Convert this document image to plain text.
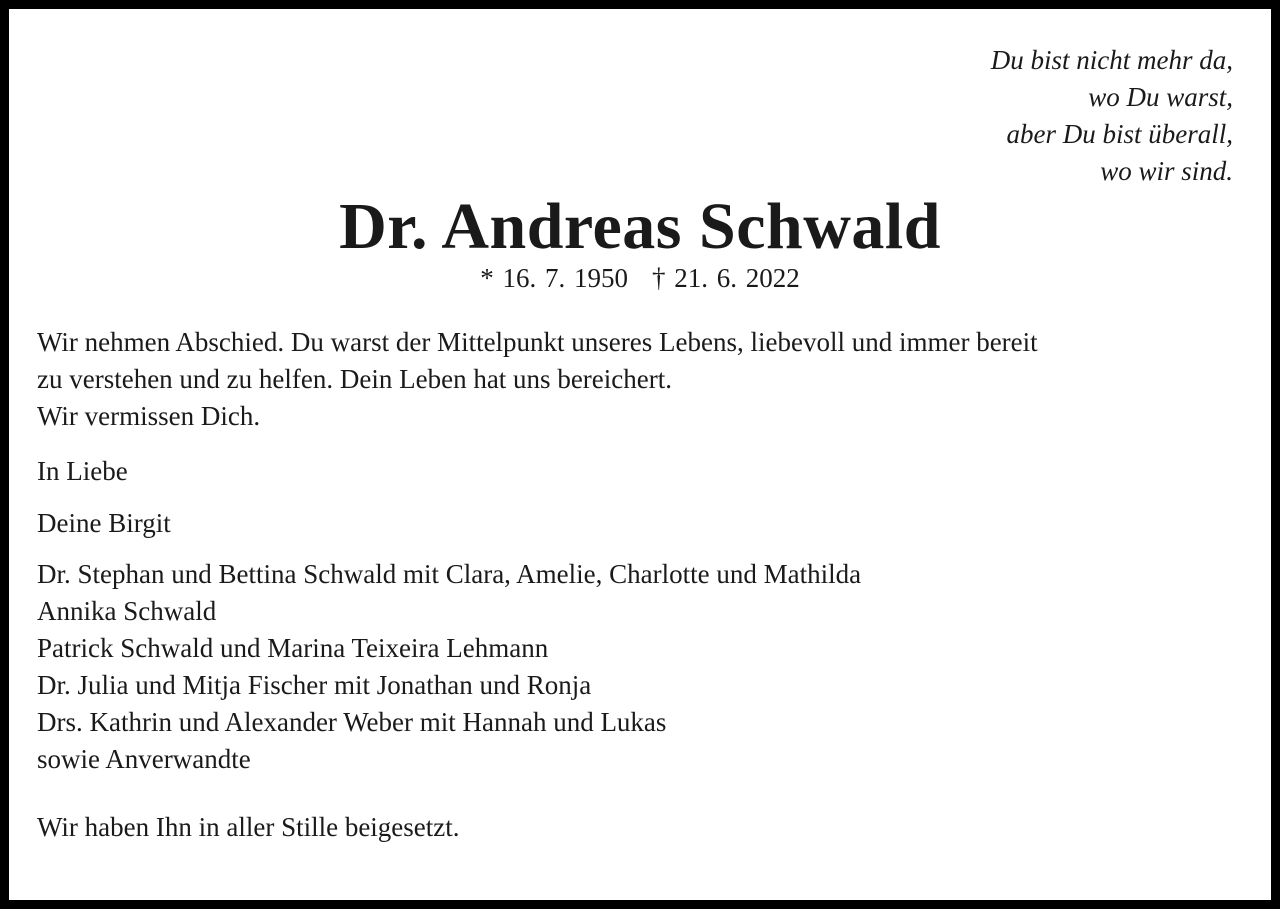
Du bist nicht mehr da,
wo Du warst,
aber Du bist überall,
wo wir sind.
Dr. Andreas Schwald
* 16. 7. 1950 † 21. 6. 2022

Wir nehmen Abschied. Du warst der Mittelpunkt unseres Lebens, liebevoll und immer bereit
zu verstehen und zu helfen. Dein Leben hat uns bereichert.
Wir vermissen Dich.

In Liebe

Deine Birgit

Dr. Stephan und Bettina Schwald mit Clara, Amelie, Charlotte und Mathilda
Annika Schwald
Patrick Schwald und Marina Teixeira Lehmann
Dr. Julia und Mitja Fischer mit Jonathan und Ronja
Drs. Kathrin und Alexander Weber mit Hannah und Lukas
sowie Anverwandte

Wir haben Ihn in aller Stille beigesetzt.
